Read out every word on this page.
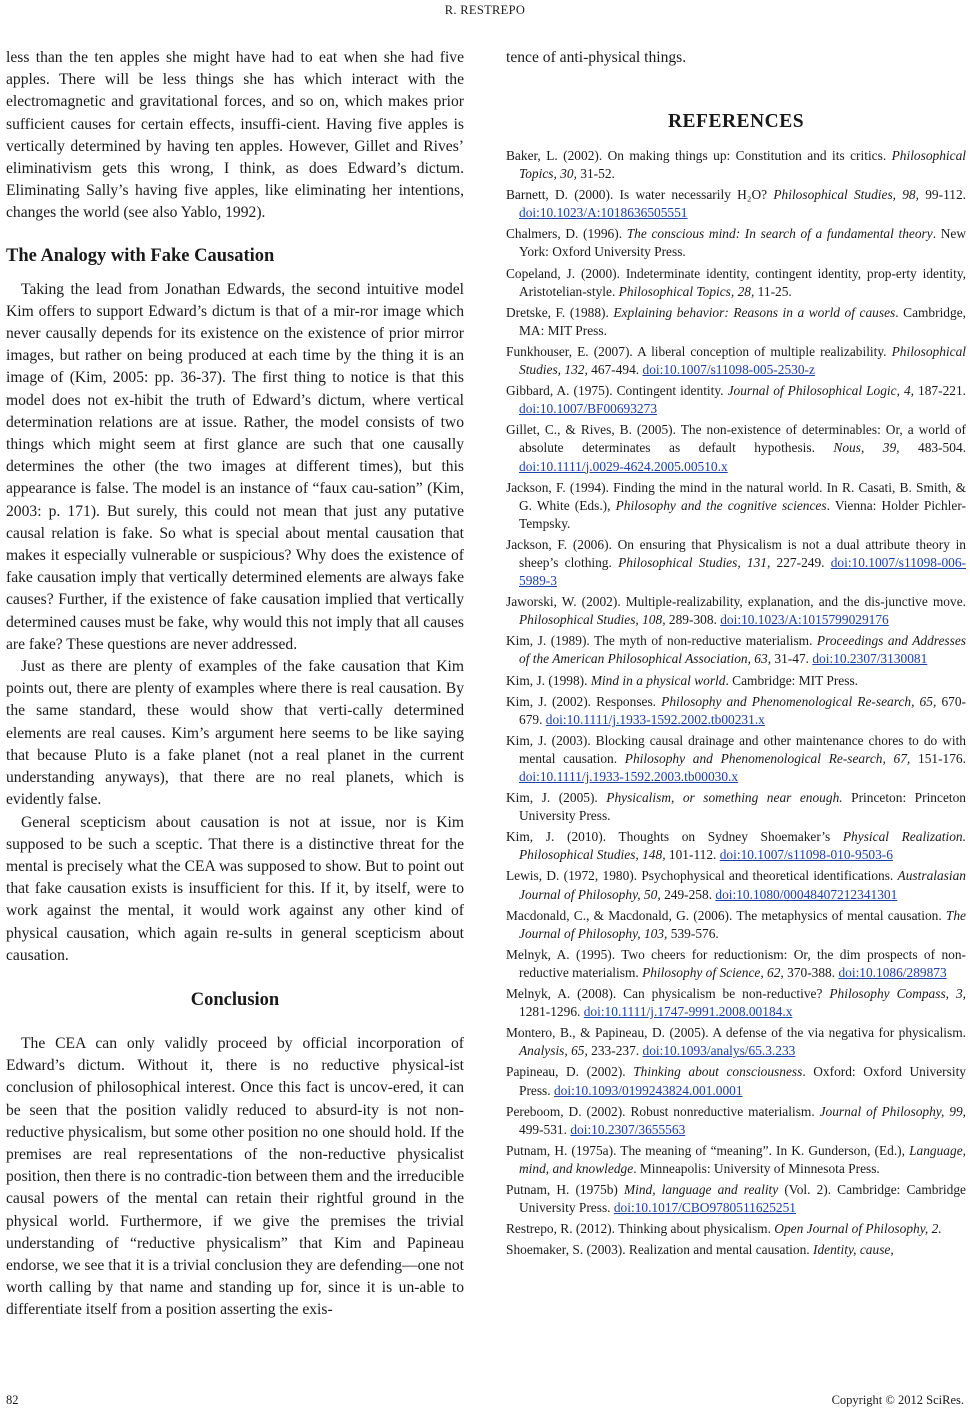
R. RESTREPO

less than the ten apples she might have had to eat when she had five apples. There will be less things she has which interact with the electromagnetic and gravitational forces, and so on, which makes prior sufficient causes for certain effects, insuffi-cient. Having five apples is vertically determined by having ten apples. However, Gillet and Rives’ eliminativism gets this wrong, I think, as does Edward’s dictum. Eliminating Sally’s having five apples, like eliminating her intentions, changes the world (see also Yablo, 1992).

The Analogy with Fake Causation

Taking the lead from Jonathan Edwards, the second intuitive model Kim offers to support Edward’s dictum is that of a mir-ror image which never causally depends for its existence on the existence of prior mirror images, but rather on being produced at each time by the thing it is an image of (Kim, 2005: pp. 36-37). The first thing to notice is that this model does not ex-hibit the truth of Edward’s dictum, where vertical determination relations are at issue. Rather, the model consists of two things which might seem at first glance are such that one causally determines the other (the two images at different times), but this appearance is false. The model is an instance of “faux cau-sation” (Kim, 2003: p. 171). But surely, this could not mean that just any putative causal relation is fake. So what is special about mental causation that makes it especially vulnerable or suspicious? Why does the existence of fake causation imply that vertically determined elements are always fake causes? Further, if the existence of fake causation implied that vertically determined causes must be fake, why would this not imply that all causes are fake? These questions are never addressed.

Just as there are plenty of examples of the fake causation that Kim points out, there are plenty of examples where there is real causation. By the same standard, these would show that verti-cally determined elements are real causes. Kim’s argument here seems to be like saying that because Pluto is a fake planet (not a real planet in the current understanding anyways), that there are no real planets, which is evidently false.

General scepticism about causation is not at issue, nor is Kim supposed to be such a sceptic. That there is a distinctive threat for the mental is precisely what the CEA was supposed to show. But to point out that fake causation exists is insufficient for this. If it, by itself, were to work against the mental, it would work against any other kind of physical causation, which again re-sults in general scepticism about causation.

Conclusion

The CEA can only validly proceed by official incorporation of Edward’s dictum. Without it, there is no reductive physical-ist conclusion of philosophical interest. Once this fact is uncov-ered, it can be seen that the position validly reduced to absurd-ity is not non-reductive physicalism, but some other position no one should hold. If the premises are real representations of the non-reductive physicalist position, then there is no contradic-tion between them and the irreducible causal powers of the mental can retain their rightful ground in the physical world. Furthermore, if we give the premises the trivial understanding of “reductive physicalism” that Kim and Papineau endorse, we see that it is a trivial conclusion they are defending—one not worth calling by that name and standing up for, since it is un-able to differentiate itself from a position asserting the exis-

tence of anti-physical things.

REFERENCES
Baker, L. (2002). On making things up: Constitution and its critics. Philosophical Topics, 30, 31-52.
Barnett, D. (2000). Is water necessarily H₂O? Philosophical Studies, 98, 99-112. doi:10.1023/A:1018636505551
Chalmers, D. (1996). The conscious mind: In search of a fundamental theory. New York: Oxford University Press.
Copeland, J. (2000). Indeterminate identity, contingent identity, prop-erty identity, Aristotelian-style. Philosophical Topics, 28, 11-25.
Dretske, F. (1988). Explaining behavior: Reasons in a world of causes. Cambridge, MA: MIT Press.
Funkhouser, E. (2007). A liberal conception of multiple realizability. Philosophical Studies, 132, 467-494. doi:10.1007/s11098-005-2530-z
Gibbard, A. (1975). Contingent identity. Journal of Philosophical Logic, 4, 187-221. doi:10.1007/BF00693273
Gillet, C., & Rives, B. (2005). The non-existence of determinables: Or, a world of absolute determinates as default hypothesis. Nous, 39, 483-504. doi:10.1111/j.0029-4624.2005.00510.x
Jackson, F. (1994). Finding the mind in the natural world. In R. Casati, B. Smith, & G. White (Eds.), Philosophy and the cognitive sciences. Vienna: Holder Pichler-Tempsky.
Jackson, F. (2006). On ensuring that Physicalism is not a dual attribute theory in sheep’s clothing. Philosophical Studies, 131, 227-249. doi:10.1007/s11098-006-5989-3
Jaworski, W. (2002). Multiple-realizability, explanation, and the dis-junctive move. Philosophical Studies, 108, 289-308. doi:10.1023/A:1015799029176
Kim, J. (1989). The myth of non-reductive materialism. Proceedings and Addresses of the American Philosophical Association, 63, 31-47. doi:10.2307/3130081
Kim, J. (1998). Mind in a physical world. Cambridge: MIT Press.
Kim, J. (2002). Responses. Philosophy and Phenomenological Re-search, 65, 670-679. doi:10.1111/j.1933-1592.2002.tb00231.x
Kim, J. (2003). Blocking causal drainage and other maintenance chores to do with mental causation. Philosophy and Phenomenological Re-search, 67, 151-176. doi:10.1111/j.1933-1592.2003.tb00030.x
Kim, J. (2005). Physicalism, or something near enough. Princeton: Princeton University Press.
Kim, J. (2010). Thoughts on Sydney Shoemaker’s Physical Realization. Philosophical Studies, 148, 101-112. doi:10.1007/s11098-010-9503-6
Lewis, D. (1972, 1980). Psychophysical and theoretical identifications. Australasian Journal of Philosophy, 50, 249-258. doi:10.1080/00048407212341301
Macdonald, C., & Macdonald, G. (2006). The metaphysics of mental causation. The Journal of Philosophy, 103, 539-576.
Melnyk, A. (1995). Two cheers for reductionism: Or, the dim prospects of non-reductive materialism. Philosophy of Science, 62, 370-388. doi:10.1086/289873
Melnyk, A. (2008). Can physicalism be non-reductive? Philosophy Compass, 3, 1281-1296. doi:10.1111/j.1747-9991.2008.00184.x
Montero, B., & Papineau, D. (2005). A defense of the via negativa for physicalism. Analysis, 65, 233-237. doi:10.1093/analys/65.3.233
Papineau, D. (2002). Thinking about consciousness. Oxford: Oxford University Press. doi:10.1093/0199243824.001.0001
Pereboom, D. (2002). Robust nonreductive materialism. Journal of Philosophy, 99, 499-531. doi:10.2307/3655563
Putnam, H. (1975a). The meaning of “meaning”. In K. Gunderson, (Ed.), Language, mind, and knowledge. Minneapolis: University of Minnesota Press.
Putnam, H. (1975b) Mind, language and reality (Vol. 2). Cambridge: Cambridge University Press. doi:10.1017/CBO9780511625251
Restrepo, R. (2012). Thinking about physicalism. Open Journal of Philosophy, 2.
Shoemaker, S. (2003). Realization and mental causation. Identity, cause,
82	Copyright © 2012 SciRes.
